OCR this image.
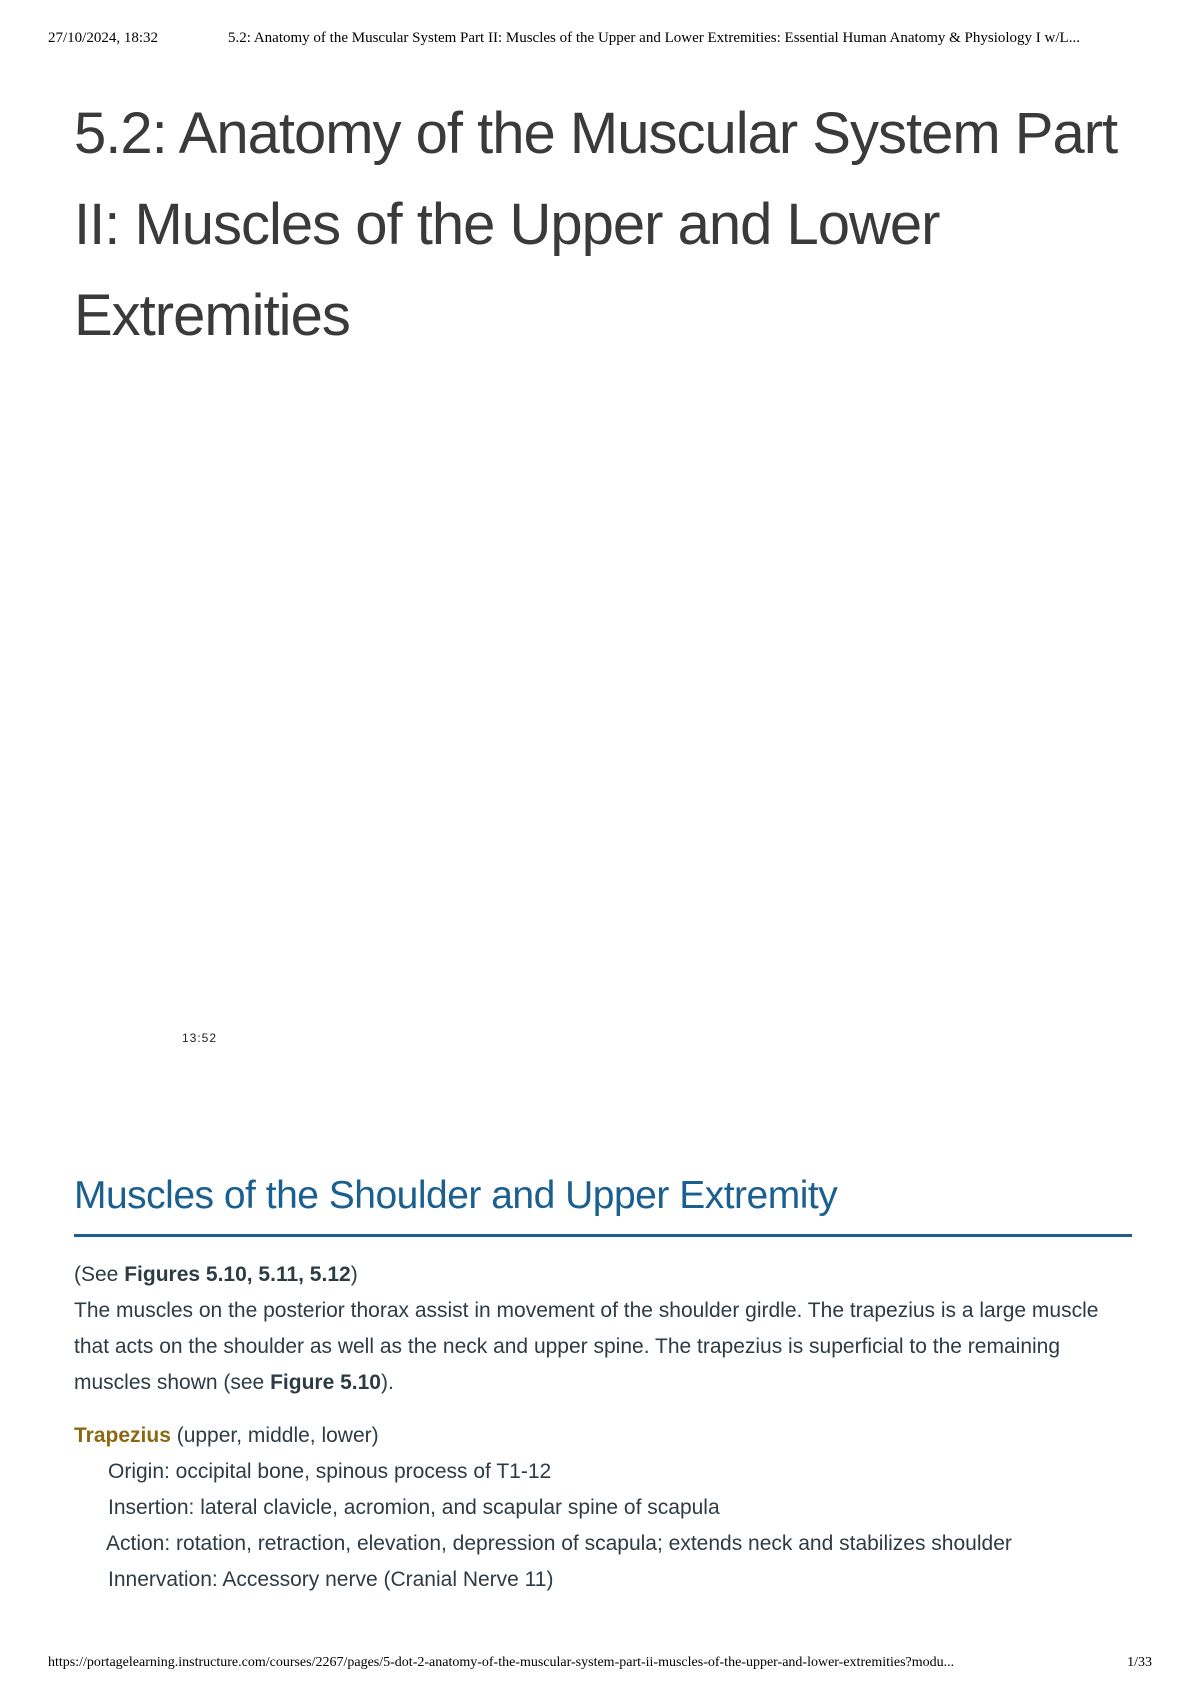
27/10/2024, 18:32	5.2: Anatomy of the Muscular System Part II: Muscles of the Upper and Lower Extremities: Essential Human Anatomy & Physiology I w/L...
5.2: Anatomy of the Muscular System Part II: Muscles of the Upper and Lower Extremities
13:52
Muscles of the Shoulder and Upper Extremity

(See Figures 5.10, 5.11, 5.12)

The muscles on the posterior thorax assist in movement of the shoulder girdle. The trapezius is a large muscle that acts on the shoulder as well as the neck and upper spine. The trapezius is superficial to the remaining muscles shown (see Figure 5.10).

Trapezius (upper, middle, lower)

Origin: occipital bone, spinous process of T1-12

Insertion: lateral clavicle, acromion, and scapular spine of scapula

Action: rotation, retraction, elevation, depression of scapula; extends neck and stabilizes shoulder

Innervation: Accessory nerve (Cranial Nerve 11)

https://portagelearning.instructure.com/courses/2267/pages/5-dot-2-anatomy-of-the-muscular-system-part-ii-muscles-of-the-upper-and-lower-extremities?modu...	1/33
